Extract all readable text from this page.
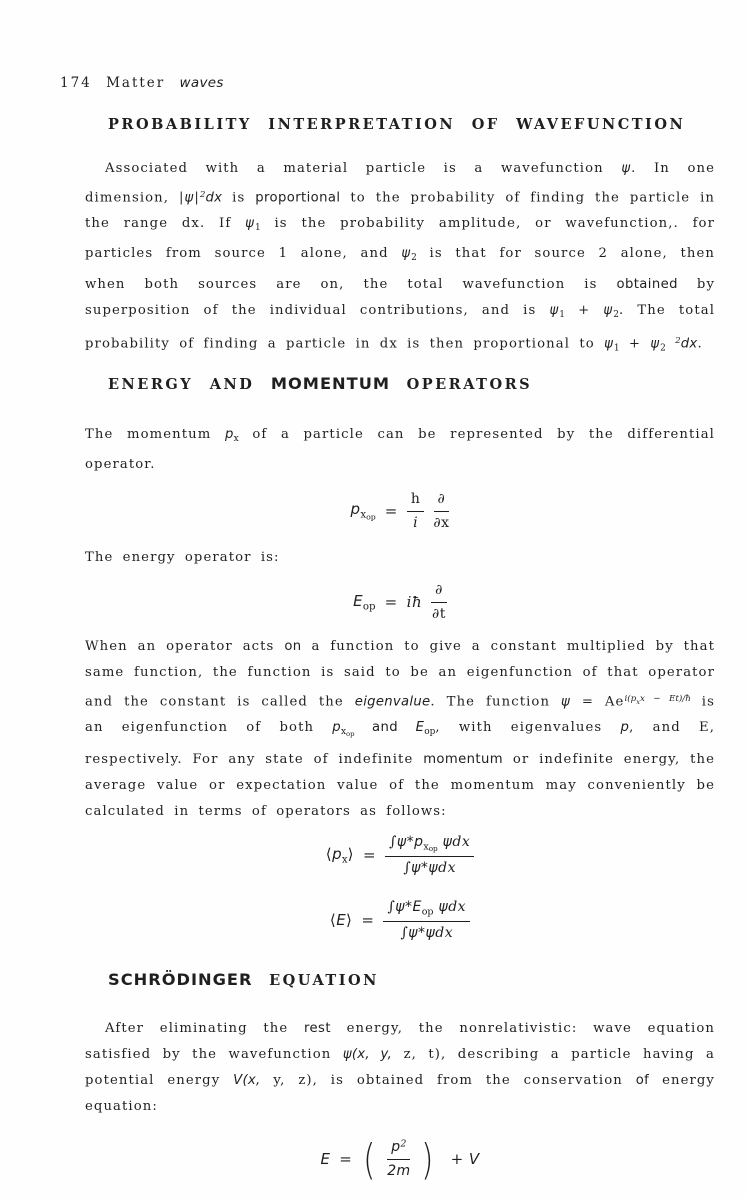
174 Matter waves
PROBABILITY INTERPRETATION OF WAVEFUNCTION

Associated with a material particle is a wavefunction ψ. In one dimension, $|\psi|^2dx$ is proportional to the probability of finding the particle in the range dx. If $\psi_1$ is the probability amplitude, or wavefunction,. for particles from source 1 alone, and $\psi_2$ is that for source 2 alone, then when both sources are on, the total wavefunction is obtained by superposition of the individual contributions, and is $\psi_1 + \psi_2$. The total probability of finding a particle in dx is then proportional to $\psi_1 + \psi_2$ $^2$dx.

ENERGY AND MOMENTUM OPERATORS

The momentum $p_x$ of a particle can be represented by the differential operator.

$p_{xop} = \frac{h}{i} \frac{\partial}{\partial x}$

The energy operator is:

$E_{op}$ = iħ $\frac{\partial}{\partial t}$

When an operator acts on a function to give a constant multiplied by that same function, the function is said to be an eigenfunction of that operator and the constant is called the eigenvalue. The function $\psi = Ae^{i(p}x^{x - Et)/ħ}$ is an eigenfunction of both $p_{xop}$ and $E_{op}$, with eigenvalues p, and E, respectively. For any state of indefinite momentum or indefinite energy, the average value or expectation value of the momentum may conveniently be calculated in terms of operators as follows:

$⟨p_x⟩ = \frac{\int\psi*p_{xop} \psi dx}{\text{∫ψ*ψdx}}$
⟨E⟩ = $\frac{\int\psi*E_{op} \psi dx}{\text{∫ψ*ψdx}}$
SCHRÖDINGER EQUATION

After eliminating the rest energy, the nonrelativistic: wave equation satisfied by the wavefunction ψ(x, y, z, t), describing a particle having a potential energy V(x, y, z), is obtained from the conservation of energy equation:

E = ( $\frac{p^2}{2m}$ ) + V
